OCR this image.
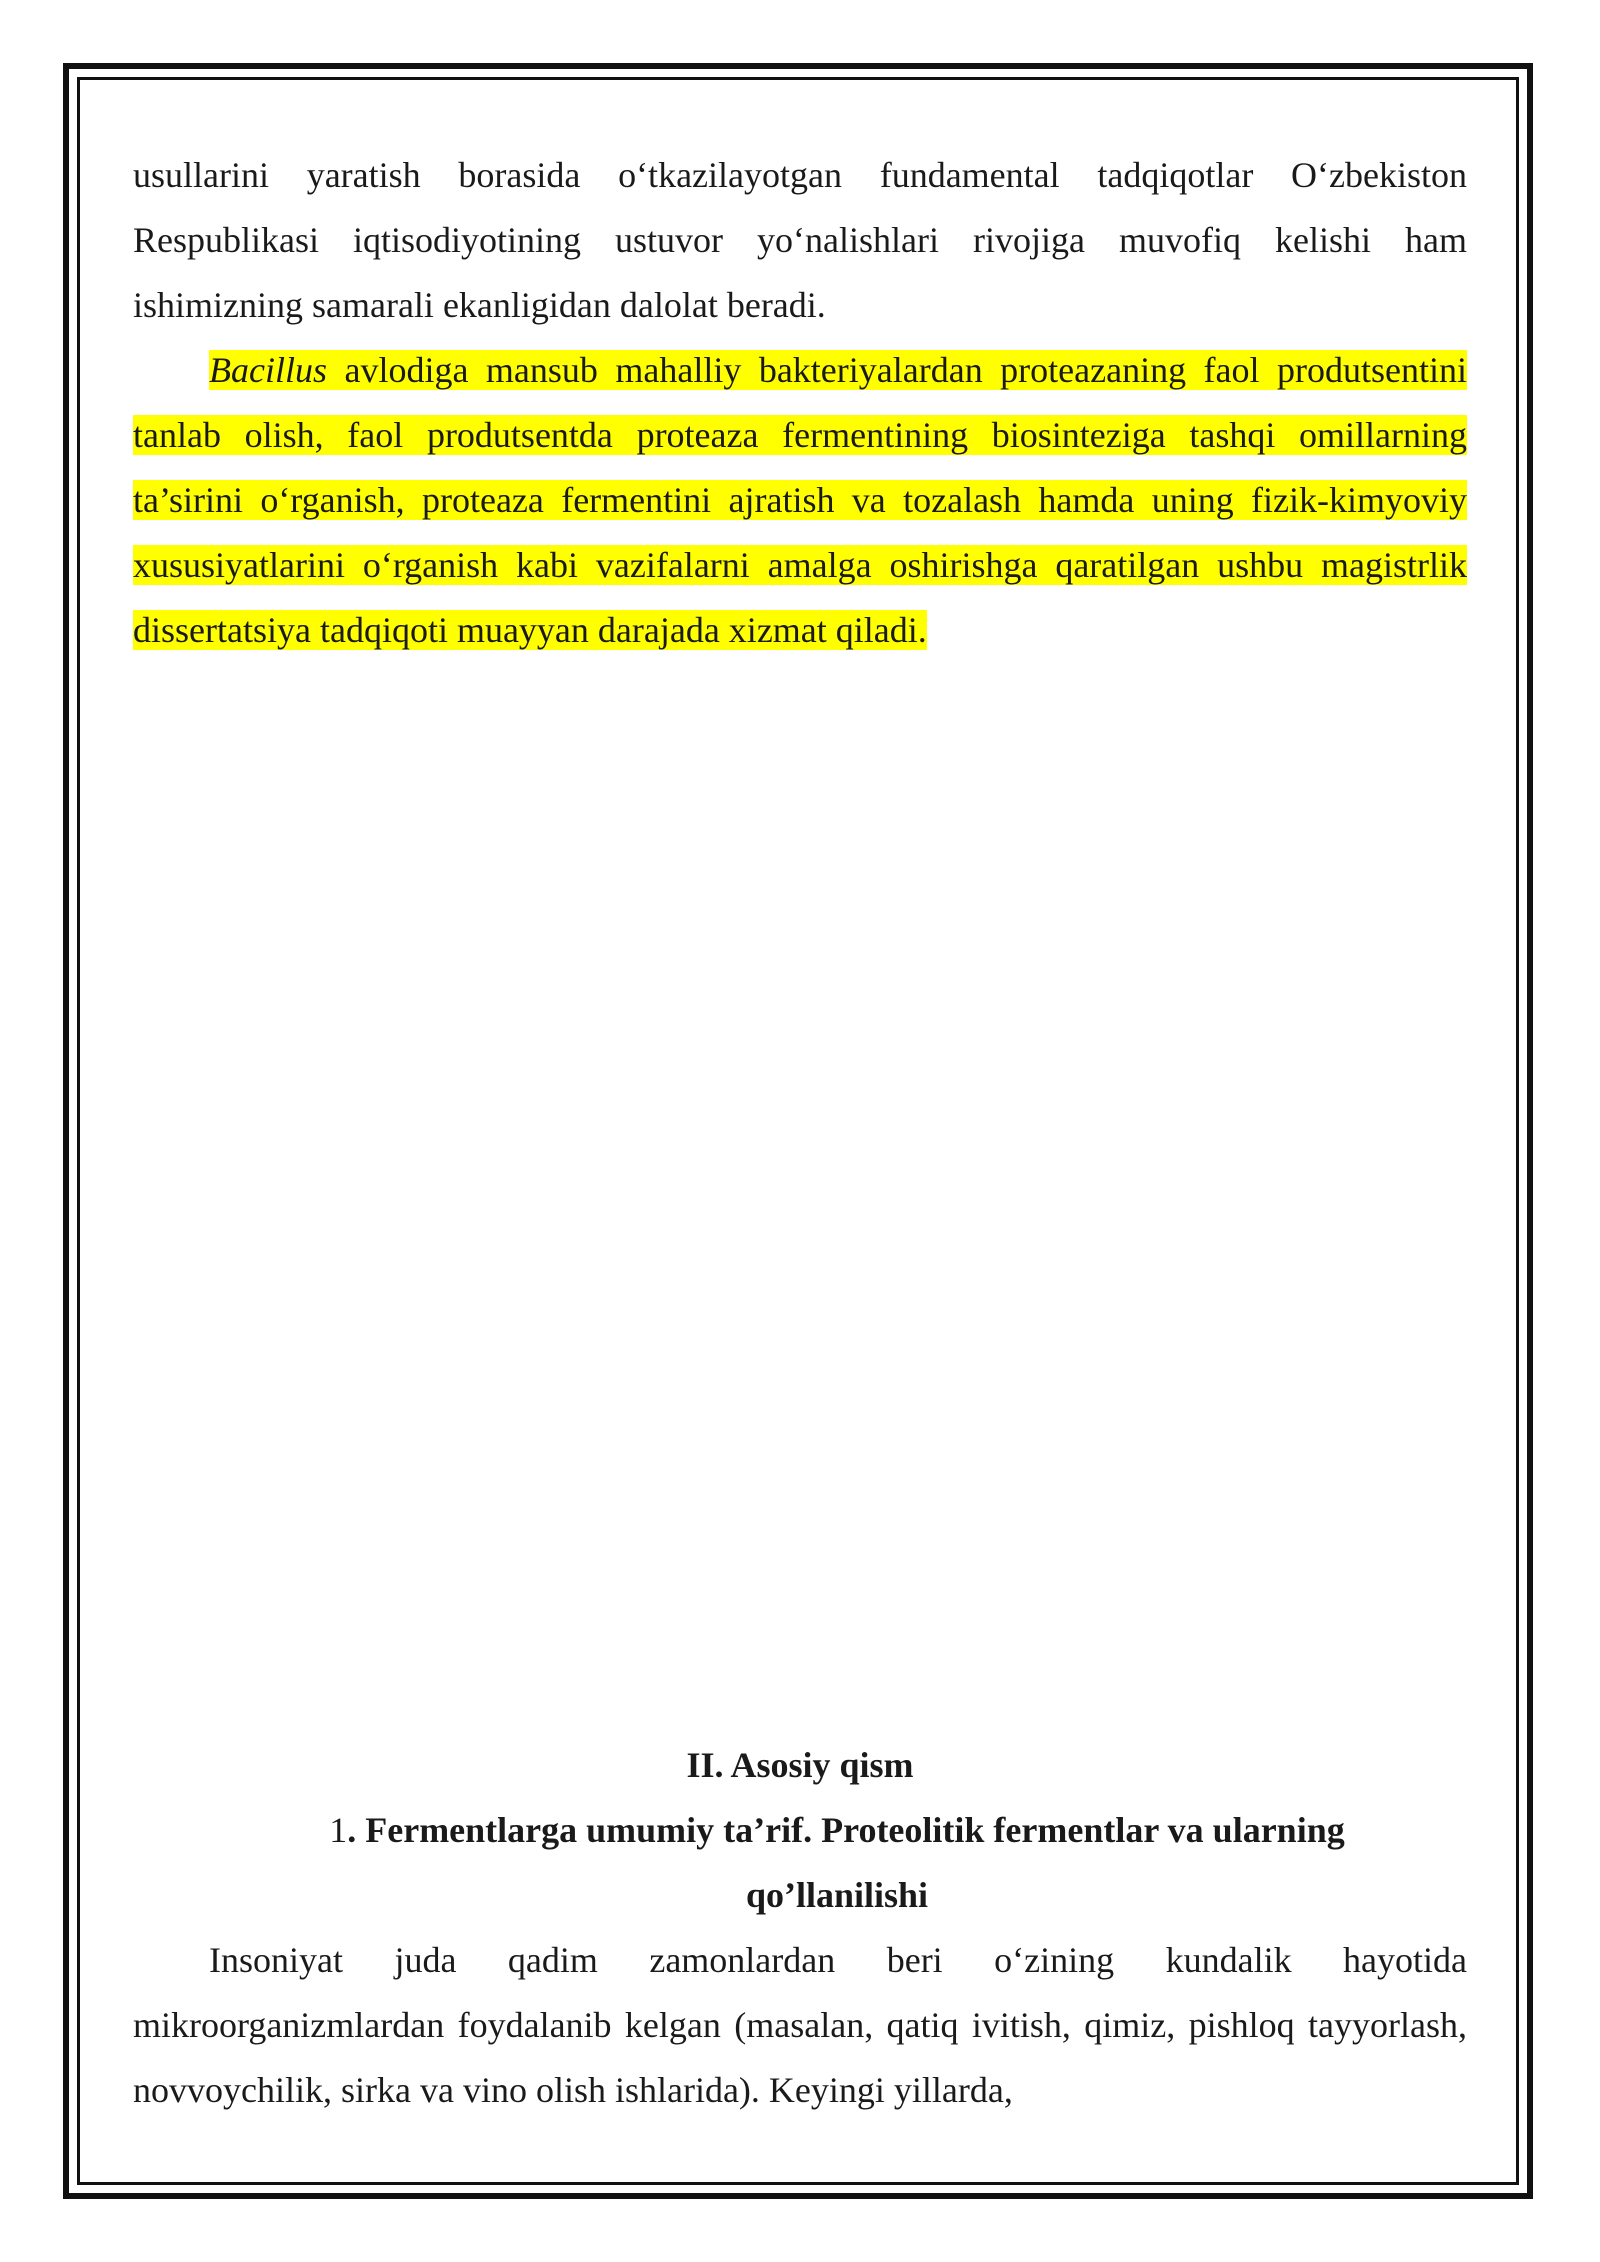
usullarini yaratish borasida o‘tkazilayotgan fundamental tadqiqotlar O‘zbekiston Respublikasi iqtisodiyotining ustuvor yo‘nalishlari rivojiga muvofiq kelishi ham ishimizning samarali ekanligidan dalolat beradi.

Bacillus avlodiga mansub mahalliy bakteriyalardan proteazaning faol produtsentini tanlab olish, faol produtsentda proteaza fermentining biosinteziga tashqi omillarning ta’sirini o‘rganish, proteaza fermentini ajratish va tozalash hamda uning fizik-kimyoviy xususiyatlarini o‘rganish kabi vazifalarni amalga oshirishga qaratilgan ushbu magistrlik dissertatsiya tadqiqoti muayyan darajada xizmat qiladi.

II. Asosiy qism

1. Fermentlarga umumiy ta’rif. Proteolitik fermentlar va ularning qo’llanilishi

Insoniyat juda qadim zamonlardan beri o‘zining kundalik hayotida mikroorganizmlardan foydalanib kelgan (masalan, qatiq ivitish, qimiz, pishloq tayyorlash, novvoychilik, sirka va vino olish ishlarida). Keyingi yillarda,
